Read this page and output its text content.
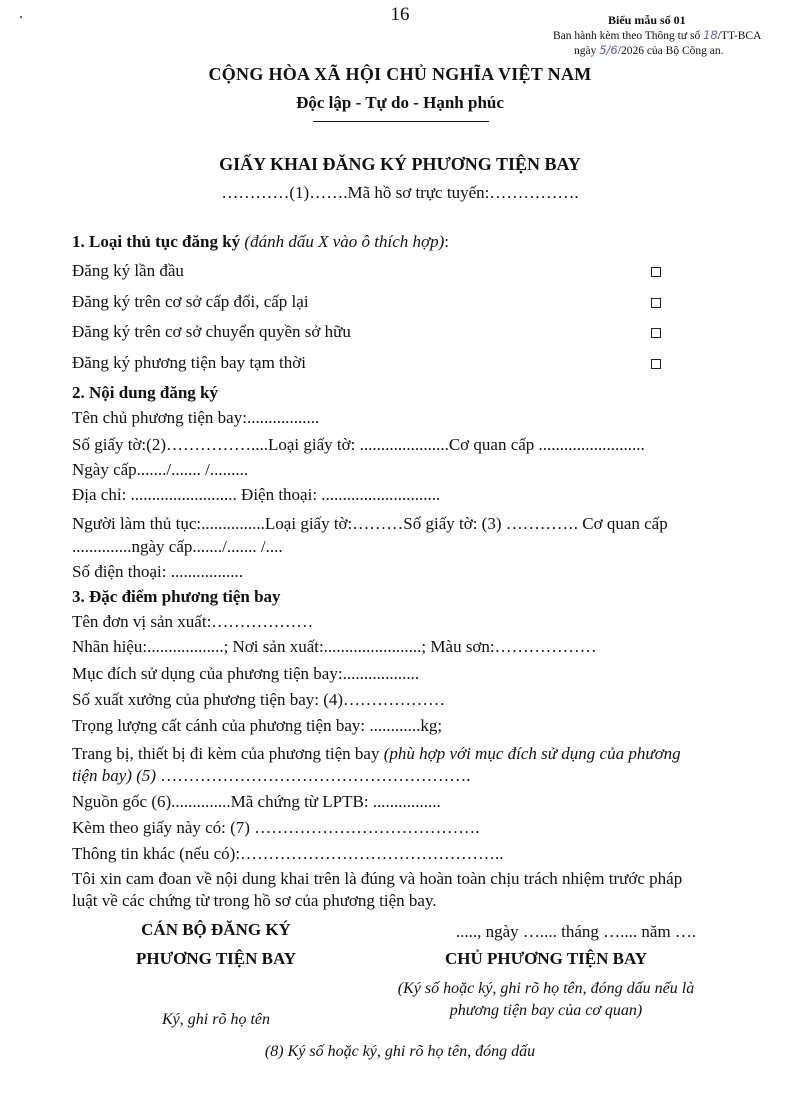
16	Biểu mẫu số 01
Ban hành kèm theo Thông tư số 18/TT-BCA
ngày 5/6/2026 của Bộ Công an.
CỘNG HÒA XÃ HỘI CHỦ NGHĨA VIỆT NAM
Độc lập - Tự do - Hạnh phúc
GIẤY KHAI ĐĂNG KÝ PHƯƠNG TIỆN BAY
…………(1)…….Mã hồ sơ trực tuyến:…………….
1. Loại thủ tục đăng ký (đánh dấu X vào ô thích hợp):
Đăng ký lần đầu
Đăng ký trên cơ sở cấp đổi, cấp lại
Đăng ký trên cơ sở chuyển quyền sở hữu
Đăng ký phương tiện bay tạm thời
2. Nội dung đăng ký
Tên chủ phương tiện bay:.................
Số giấy tờ:(2)……………....Loại giấy tờ: .....................Cơ quan cấp .........................
Ngày cấp......./....... /.........
Địa chỉ: ......................... Điện thoại: ............................
Người làm thủ tục:...............Loại giấy tờ:………Số giấy tờ: (3) …………. Cơ quan cấp
..............ngày cấp......./....... /....
Số điện thoại: .................
3. Đặc điểm phương tiện bay
Tên đơn vị sản xuất:………………
Nhãn hiệu:..................; Nơi sản xuất:.......................; Màu sơn:………………
Mục đích sử dụng của phương tiện bay:..................
Số xuất xưởng của phương tiện bay: (4)………………
Trọng lượng cất cánh của phương tiện bay: ............kg;
Trang bị, thiết bị đi kèm của phương tiện bay (phù hợp với mục đích sử dụng của phương
tiện bay) (5) ……………………………………………….
Nguồn gốc (6)..............Mã chứng từ LPTB: ................
Kèm theo giấy này có: (7) ………………………………….
Thông tin khác (nếu có):………………………………………..
Tôi xin cam đoan về nội dung khai trên là đúng và hoàn toàn chịu trách nhiệm trước pháp
luật về các chứng từ trong hồ sơ của phương tiện bay.
CÁN BỘ ĐĂNG KÝ
PHƯƠNG TIỆN BAY
Ký, ghi rõ họ tên
....., ngày ….... tháng ….... năm ….
CHỦ PHƯƠNG TIỆN BAY
(Ký số hoặc ký, ghi rõ họ tên, đóng dấu nếu là
phương tiện bay của cơ quan)
(8) Ký số hoặc ký, ghi rõ họ tên, đóng dấu
